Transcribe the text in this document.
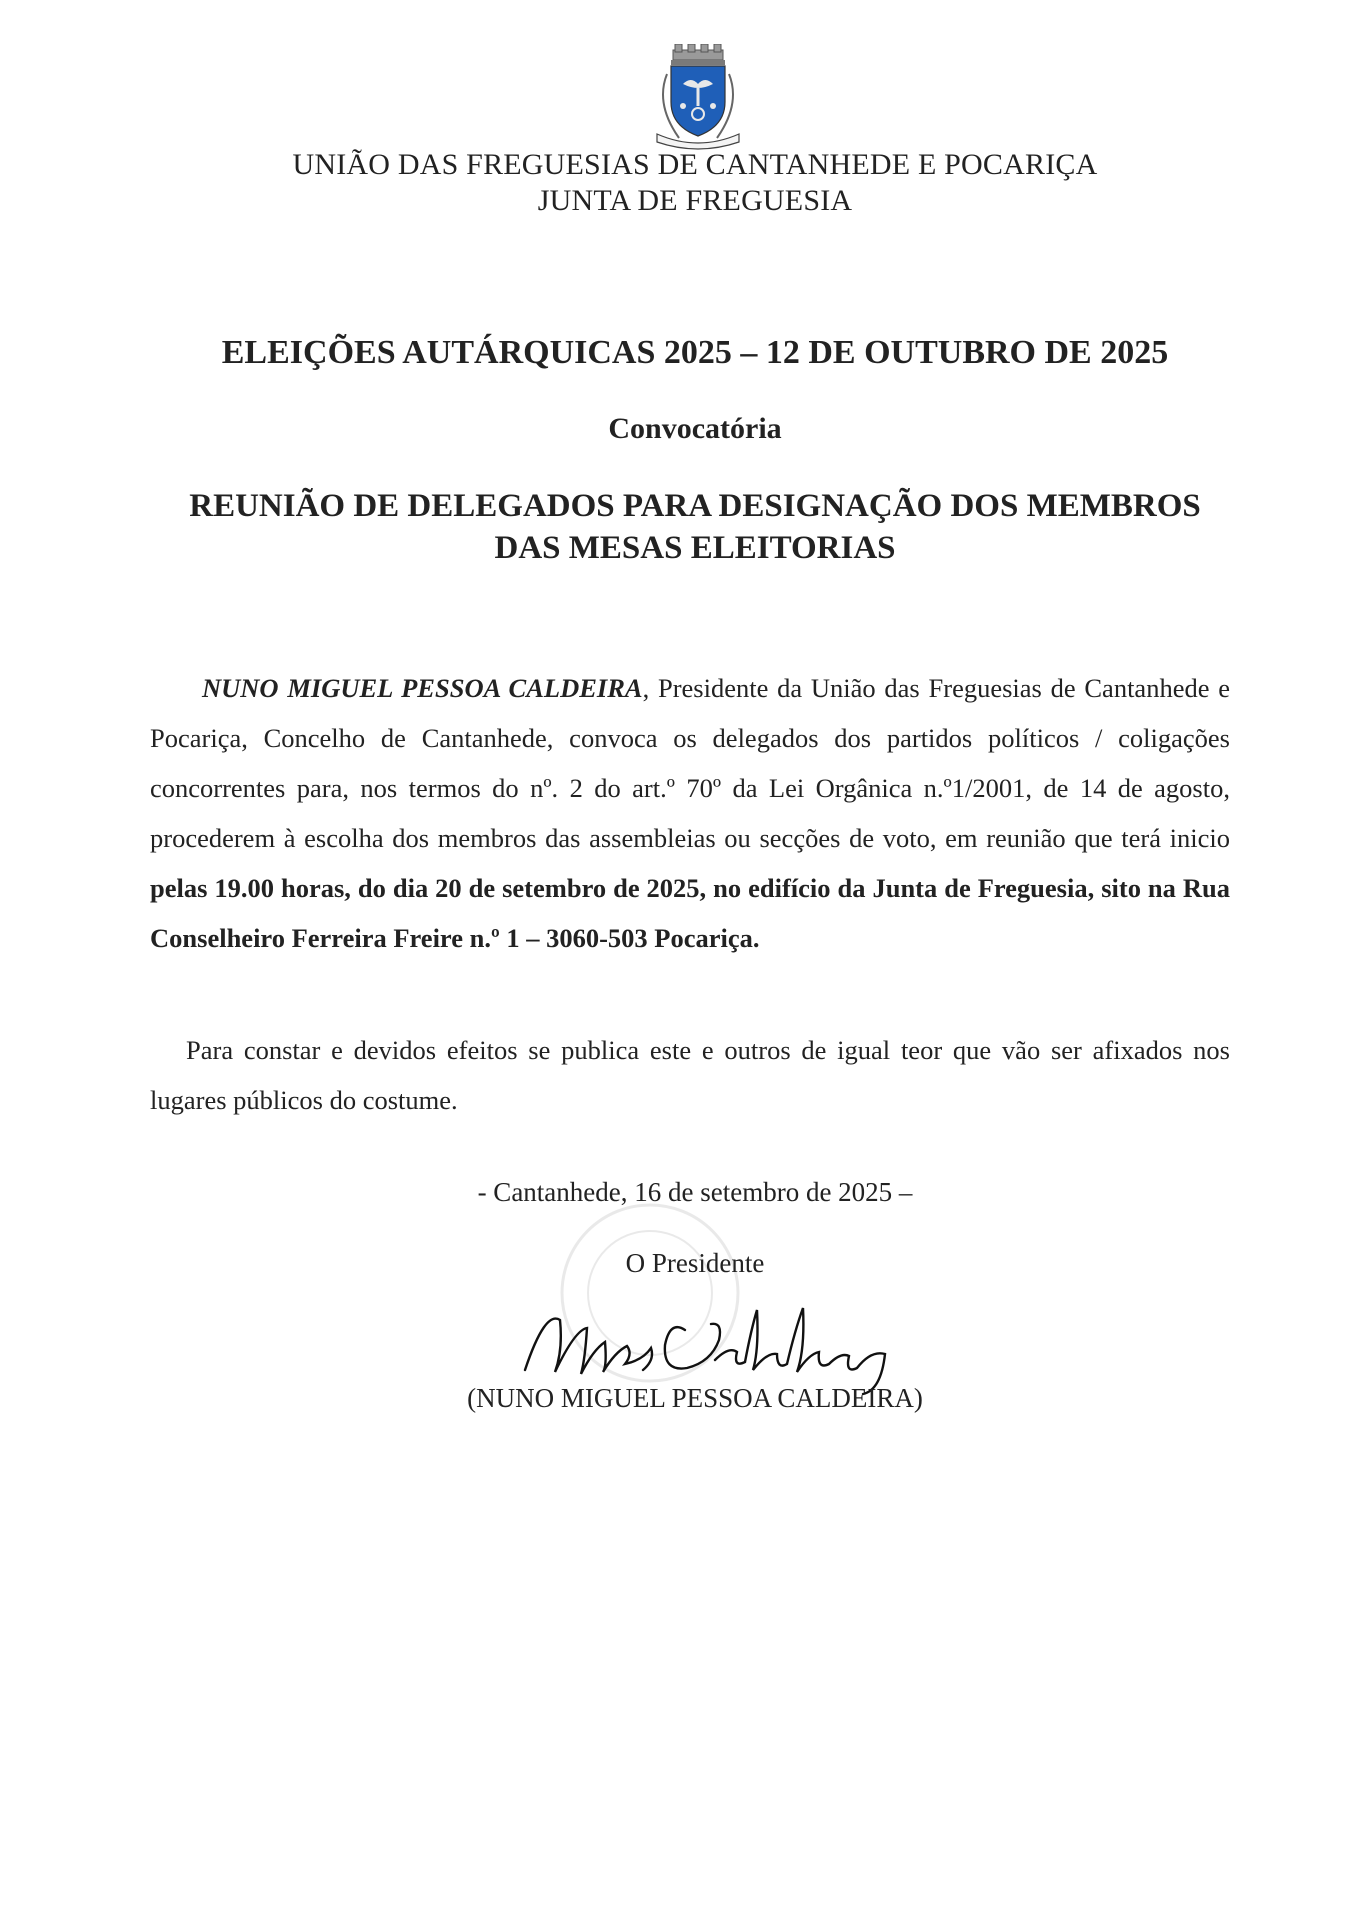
UNIÃO DAS FREGUESIAS DE CANTANHEDE E POCARIÇA
JUNTA DE FREGUESIA
ELEIÇÕES AUTÁRQUICAS 2025 – 12 DE OUTUBRO DE 2025
Convocatória
REUNIÃO DE DELEGADOS PARA DESIGNAÇÃO DOS MEMBROS
DAS MESAS ELEITORIAS
NUNO MIGUEL PESSOA CALDEIRA, Presidente da União das Freguesias de Cantanhede e Pocariça, Concelho de Cantanhede, convoca os delegados dos partidos políticos / coligações concorrentes para, nos termos do nº. 2 do art.º 70º da Lei Orgânica n.º1/2001, de 14 de agosto, procederem à escolha dos membros das assembleias ou secções de voto, em reunião que terá inicio pelas 19.00 horas, do dia 20 de setembro de 2025, no edifício da Junta de Freguesia, sito na Rua Conselheiro Ferreira Freire n.º 1 – 3060-503 Pocariça.
Para constar e devidos efeitos se publica este e outros de igual teor que vão ser afixados nos lugares públicos do costume.
- Cantanhede, 16 de setembro de 2025 –
O Presidente
(NUNO MIGUEL PESSOA CALDEIRA)
